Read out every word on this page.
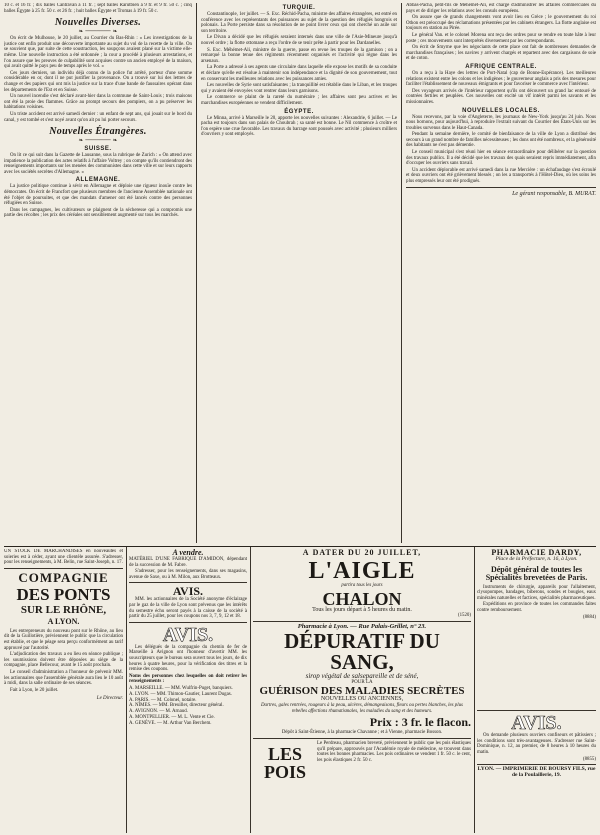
10 c. et 16 fr. ; dix balles Cantravan à 11 fr. ; sept balles Rarutbien à 9 fr. et 9 fr. 50 c. ; cinq balles Égypte à 25 fr. 50 c. et 26 fr. ; huit balles Égypte et Tromas à 19 fr. 50 c.

Nouvelles Diverses.
❧ ─────── ❧

On écrit de Mulhouse, le 20 juillet, au Courrier du Bas-Rhin : « Les investigations de la justice ont enfin produit une découverte importante au sujet du vol de la recette de la ville. On se souvient que, par suite de cette soustraction, les soupçons avaient plané sur la victime elle-même. Une nouvelle instruction a été ordonnée ; la cour a procédé à plusieurs arrestations, et l'on assure que les preuves de culpabilité sont acquises contre un ancien employé de la maison, qui avait quitté le pays peu de temps après le vol. »

Ces jours derniers, un individu déjà connu de la police fut arrêté, porteur d'une somme considérable en or, dont il ne put justifier la provenance. On a trouvé sur lui des lettres de change et des papiers qui ont mis la justice sur la trace d'une bande de faussaires opérant dans les départements de l'Est et en Suisse.

Un nouvel incendie s'est déclaré avant-hier dans la commune de Saint-Louis ; trois maisons ont été la proie des flammes. Grâce au prompt secours des pompiers, on a pu préserver les habitations voisines.

Un triste accident est arrivé samedi dernier : un enfant de sept ans, qui jouait sur le bord du canal, y est tombé et s'est noyé avant qu'on ait pu lui porter secours.

Nouvelles Étrangères.
❧ ─────── ❧
SUISSE.

On lit ce qui suit dans la Gazette de Lausanne, sous la rubrique de Zurich : « On attend avec impatience la publication des actes relatifs à l'affaire Voltrey ; on compte qu'ils contiendront des renseignements importants sur les menées des communistes dans cette ville et sur leurs rapports avec les sociétés secrètes d'Allemagne. »

ALLEMAGNE.

La justice politique continue à sévir en Allemagne et déploie une rigueur inouïe contre les démocrates. On écrit de Francfort que plusieurs membres de l'ancienne Assemblée nationale ont été l'objet de poursuites, et que des mandats d'amener ont été lancés contre des personnes réfugiées en Suisse.

Dans les campagnes, les cultivateurs se plaignent de la sécheresse qui a compromis une partie des récoltes ; les prix des céréales ont sensiblement augmenté sur tous les marchés.

TURQUIE.

Constantinople, 1er juillet. — S. Exc. Réchid-Pacha, ministre des affaires étrangères, est entré en conférence avec les représentants des puissances au sujet de la question des réfugiés hongrois et polonais. La Porte persiste dans sa résolution de ne point livrer ceux qui ont cherché un asile sur son territoire.

Le Divan a décidé que les réfugiés seraient internés dans une ville de l'Asie-Mineure jusqu'à nouvel ordre ; la flotte ottomane a reçu l'ordre de se tenir prête à partir pour les Dardanelles.

S. Exc. Méhémet-Ali, ministre de la guerre, passe en revue les troupes de la garnison ; on a remarqué la bonne tenue des régiments récemment organisés et l'activité qui règne dans les arsenaux.

La Porte a adressé à ses agents une circulaire dans laquelle elle expose les motifs de sa conduite et déclare qu'elle est résolue à maintenir son indépendance et la dignité de son gouvernement, tout en conservant les meilleures relations avec les puissances amies.

Les nouvelles de Syrie sont satisfaisantes ; la tranquillité est rétablie dans le Liban, et les troupes qui y avaient été envoyées vont rentrer dans leurs garnisons.

Le commerce se plaint de la rareté du numéraire ; les affaires sont peu actives et les marchandises européennes se vendent difficilement.

ÉGYPTE.

Le Minna, arrivé à Marseille le 20, apporte les nouvelles suivantes : Alexandrie, 6 juillet. — Le pacha est toujours dans son palais de Choubrah ; sa santé est bonne. Le Nil commence à croître et l'on espère une crue favorable. Les travaux du barrage sont poussés avec activité ; plusieurs milliers d'ouvriers y sont employés.

Abbas-Pacha, petit-fils de Méhémet-Ali, est chargé d'administrer les affaires commerciales du pays et de diriger les relations avec les consuls européens.

On assure que de grands changements vont avoir lieu en Grèce ; le gouvernement du roi Othon est préoccupé des réclamations présentées par les cabinets étrangers. La flotte anglaise est toujours en station au Pirée.

Le général Van. et le colonel Morena ont reçu des ordres pour se rendre en toute hâte à leur poste ; ces mouvements sont interprétés diversement par les correspondants.

On écrit de Smyrne que les négociants de cette place ont fait de nombreuses demandes de marchandises françaises ; les navires y arrivent chargés et repartent avec des cargaisons de soie et de coton.

AFRIQUE CENTRALE.

On a reçu à la Haye des lettres de Port-Natal (cap de Bonne-Espérance). Les meilleures relations existent entre les colons et les indigènes ; le gouverneur anglais a pris des mesures pour faciliter l'établissement de nouveaux émigrants et pour favoriser le commerce avec l'intérieur.

Des voyageurs arrivés de l'intérieur rapportent qu'ils ont découvert un grand lac entouré de contrées fertiles et peuplées. Ces nouvelles ont excité un vif intérêt parmi les savants et les missionnaires.

NOUVELLES LOCALES.

Nous recevons, par la voie d'Angleterre, les journaux de New-York jusqu'au 24 juin. Nous nous bornons, pour aujourd'hui, à reproduire l'extrait suivant du Courrier des États-Unis sur les troubles survenus dans le Haut-Canada.

Pendant la semaine dernière, le comité de bienfaisance de la ville de Lyon a distribué des secours à un grand nombre de familles nécessiteuses ; les dons ont été nombreux, et la générosité des habitants ne s'est pas démentie.

Le conseil municipal s'est réuni hier en séance extraordinaire pour délibérer sur la question des travaux publics. Il a été décidé que les travaux des quais seraient repris immédiatement, afin d'occuper les ouvriers sans travail.

Un accident déplorable est arrivé samedi dans la rue Mercière : un échafaudage s'est écroulé et deux ouvriers ont été grièvement blessés ; on les a transportés à l'Hôtel-Dieu, où les soins les plus empressés leur ont été prodigués.

Le gérant responsable, B. MURAT.

UN STOCK DE MARCHANDISES en nouveautés et soieries est à céder, ayant une clientèle assurée. S'adresser, pour les renseignements, à M. Belin, rue Saint-Joseph, n. 17.

COMPAGNIE

DES PONTS

SUR LE RHÔNE,

A LYON.

Les entrepreneurs du nouveau pont sur le Rhône, au lieu dit de la Guillotière, préviennent le public que la circulation est établie, et que le péage sera perçu conformément au tarif approuvé par l'autorité.

L'adjudication des travaux a eu lieu en séance publique ; les soumissions doivent être déposées au siège de la compagnie, place Bellecour, avant le 15 août prochain.

Le conseil d'administration a l'honneur de prévenir MM. les actionnaires que l'assemblée générale aura lieu le 10 août à midi, dans la salle ordinaire de ses séances.

Fait à Lyon, le 20 juillet.

Le Directeur.

A vendre.

MATÉRIEL D'UNE FABRIQUE D'AMIDON, dépendant de la succession de M. Fabre.

S'adresser, pour les renseignements, dans ses magasins, avenue de Saxe, ou à M. Milon, aux Brotteaux.

AVIS.

MM. les actionnaires de la Société anonyme d'éclairage par le gaz de la ville de Lyon sont prévenus que les intérêts du semestre échu seront payés à la caisse de la société à partir du 25 juillet, pour les coupons nos 3, 7, 9, 12 et 18.

AVIS.

Les délégués de la compagnie du chemin de fer de Marseille à Avignon ont l'honneur d'avertir MM. les souscripteurs que le bureau sera ouvert tous les jours, de dix heures à quatre heures, pour la vérification des titres et la remise des coupons.

Noms des personnes chez lesquelles on doit retirer les renseignements :

A. MARSEILLE. — MM. Wulfrin-Puget, banquiers.

A. LYON. — MM. Thimon-Gautier, Laurent Dugas.

A. PARIS. — M. Colonel, notaire.

A. NÎMES. — MM. Breuiller, directeur général.

A. AVIGNON. — M. Arnaud.

A. MONTPELLIER. — M. L. Vente et Cie.

A. GENÈVE. — M. Arthur Van Berchem.

À DATER DU 20 JUILLET,

L'AIGLE

partira tous les jours

CHALON

Tous les jours départ à 5 heures du matin.

(1520)

Pharmacie à Lyon. — Rue Palais-Grillet, n° 23.

DÉPURATIF DU SANG,

sirop végétal de salsepareille et de séné,

POUR LA

GUÉRISON DES MALADIES SECRÈTES

NOUVELLES OU ANCIENNES,

Dartres, gales rentrées, rougeurs à la peau, ulcères, démangeaisons, fleurs ou pertes blanches, les plus rebelles affections rhumatismales, les maladies du sang et des humeurs.

Prix : 3 fr. le flacon.

Dépôt à Saint-Étienne, à la pharmacie Chavanne ; et à Vienne, pharmacie Bosson.

LES POIS

Le Perdreau, pharmacien breveté, préviennent le public que les pois élastiques qu'il prépare, approuvés par l'Académie royale de médecine, se trouvent dans toutes les bonnes pharmacies. Les pois ordinaires se vendent 1 fr. 50 c. le cent, les pois élastiques 2 fr. 50 c.

PHARMACIE DARDY,

Place de la Préfecture, n. 16, à Lyon.

Dépôt général de toutes les Spécialités brevetées de Paris.

Instruments de chirurgie, appareils pour l'allaitement, clysopompes, bandages, biberons, sondes et bougies, eaux minérales naturelles et factices, spécialités pharmaceutiques.

Expéditions en province de toutes les commandes faites contre remboursement.

(8884)

AVIS.

On demande plusieurs ouvriers confiseurs et pâtissiers ; les conditions sont très-avantageuses. S'adresser rue Saint-Dominique, n. 12, au premier, de 8 heures à 10 heures du matin.

(8855)

LYON. — IMPRIMERIE DE BOURSY FILS, rue de la Poulaillerie, 19.
